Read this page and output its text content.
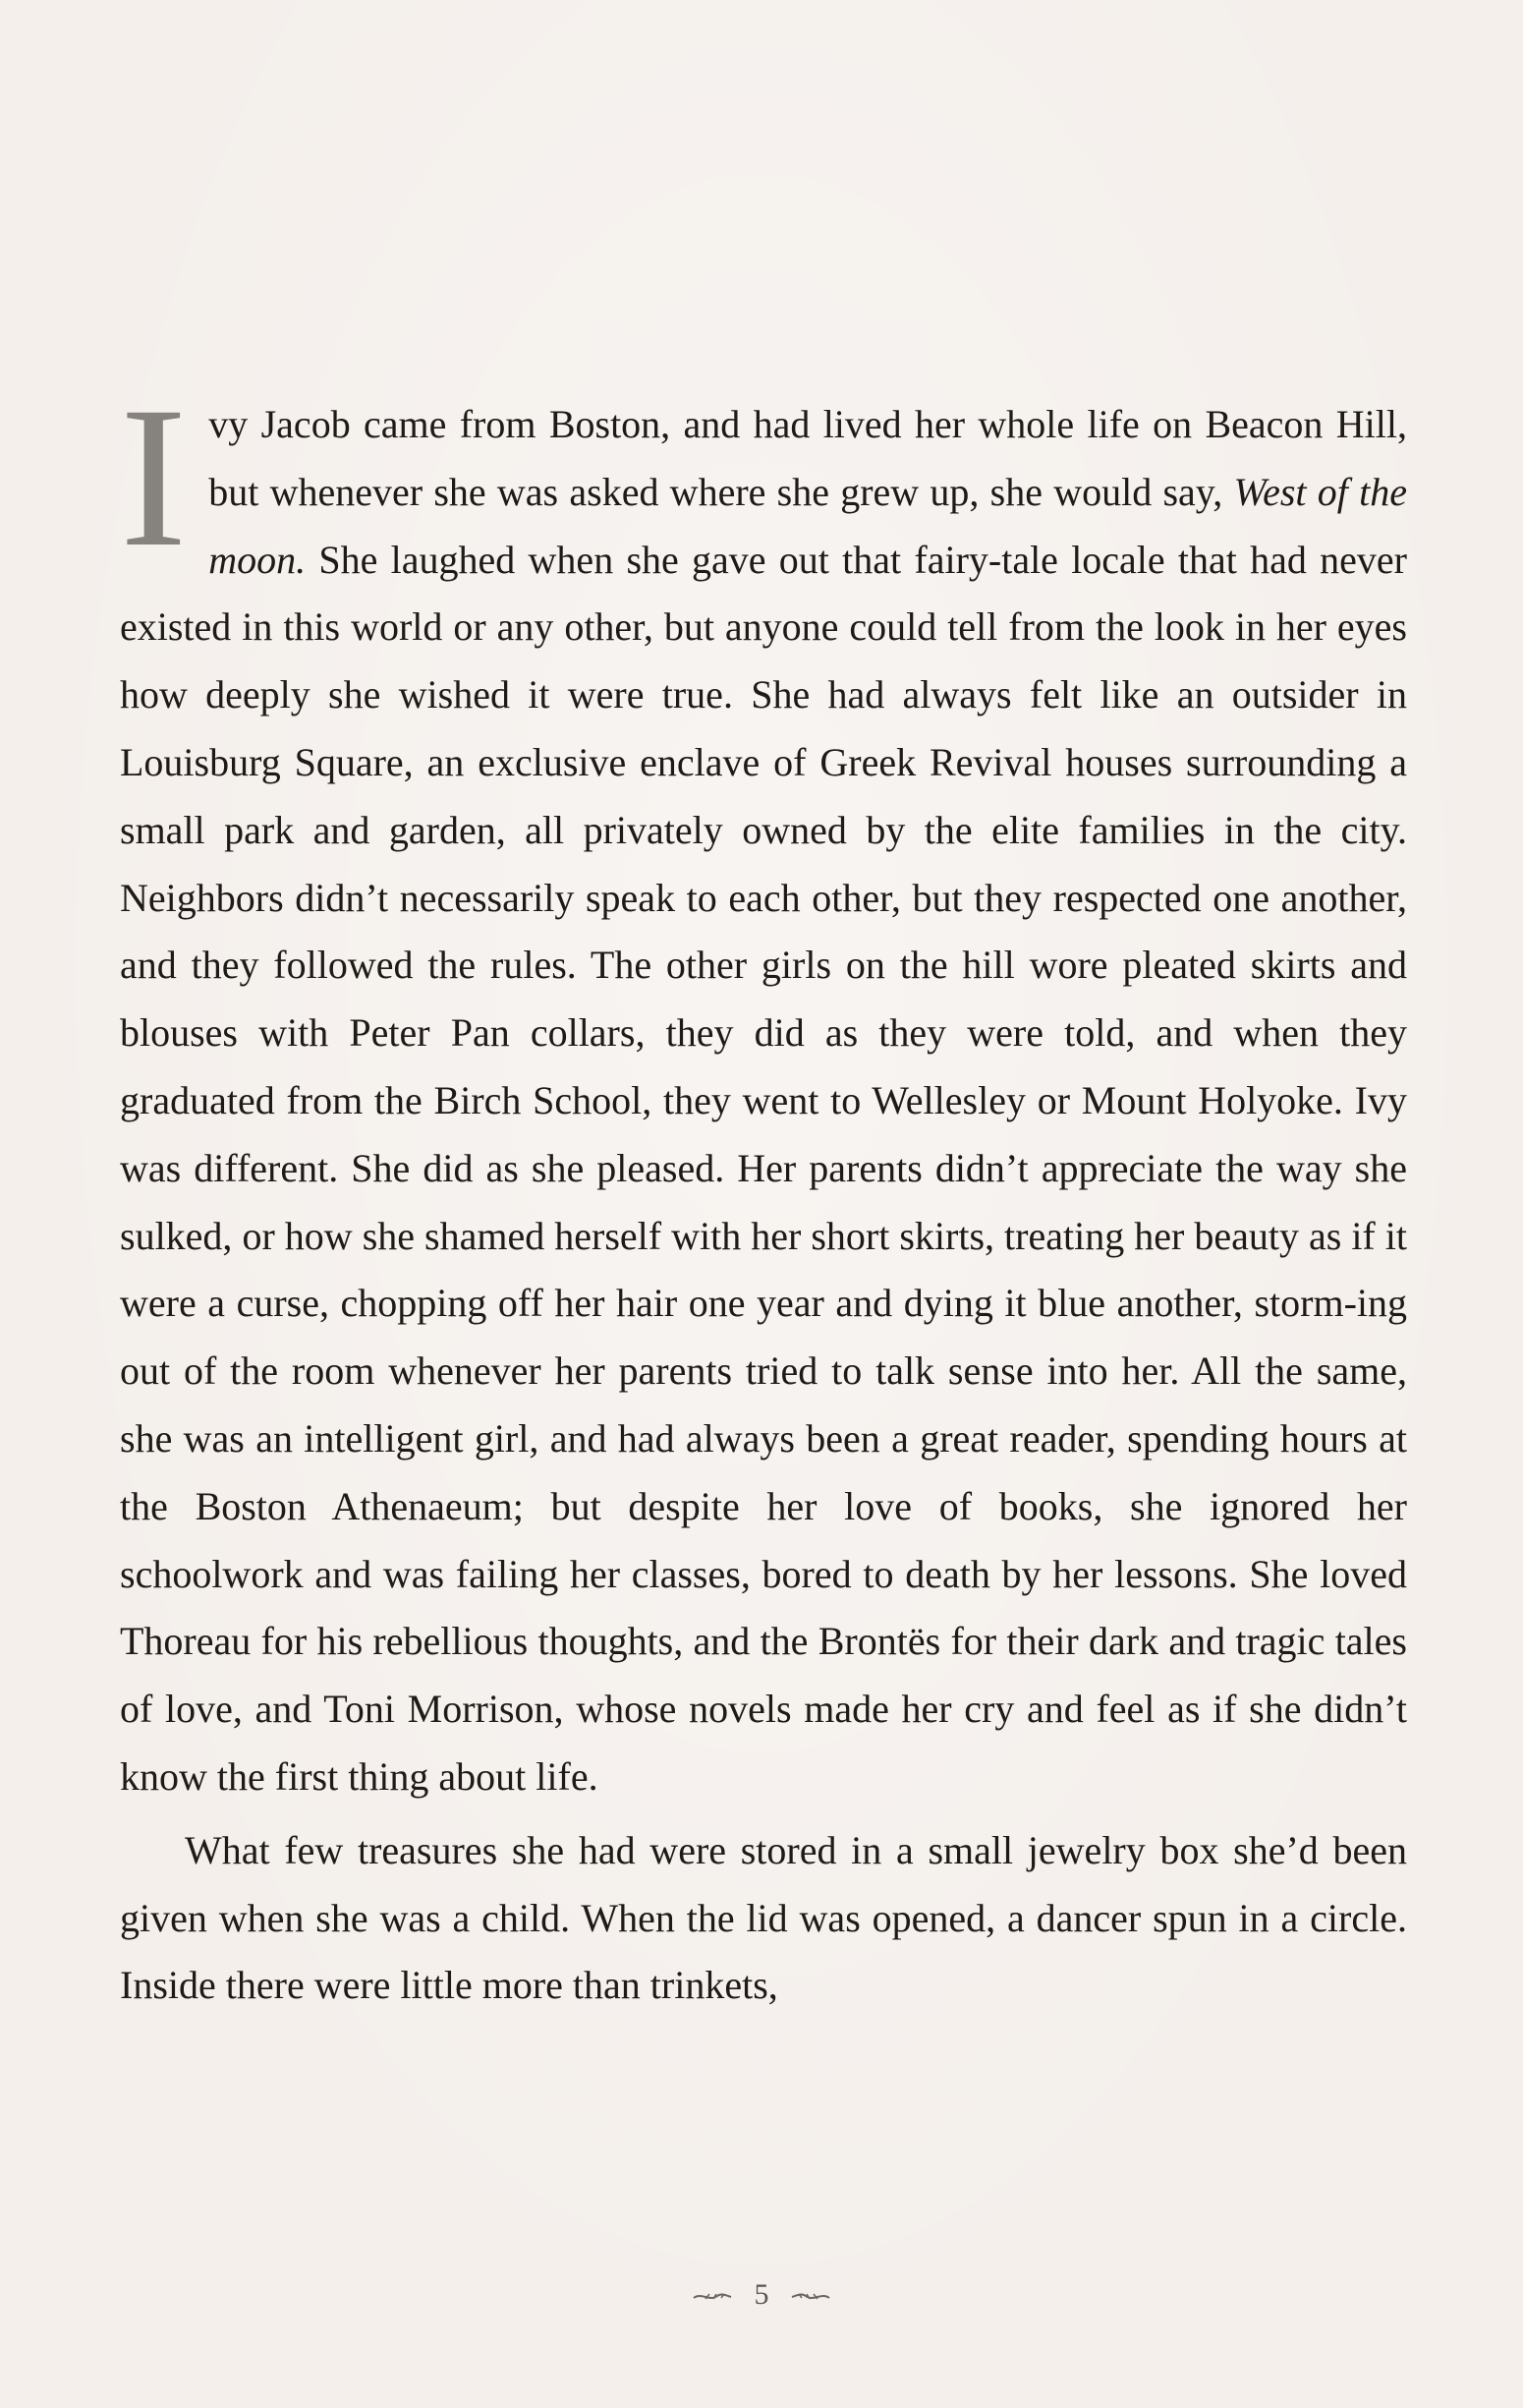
Ivy Jacob came from Boston, and had lived her whole life on Beacon Hill, but whenever she was asked where she grew up, she would say, West of the moon. She laughed when she gave out that fairy-tale locale that had never existed in this world or any other, but anyone could tell from the look in her eyes how deeply she wished it were true. She had always felt like an outsider in Louisburg Square, an exclusive enclave of Greek Revival houses surrounding a small park and garden, all privately owned by the elite families in the city. Neighbors didn’t necessarily speak to each other, but they respected one another, and they followed the rules. The other girls on the hill wore pleated skirts and blouses with Peter Pan collars, they did as they were told, and when they graduated from the Birch School, they went to Wellesley or Mount Holyoke. Ivy was different. She did as she pleased. Her parents didn’t appreciate the way she sulked, or how she shamed herself with her short skirts, treating her beauty as if it were a curse, chopping off her hair one year and dying it blue another, storm-ing out of the room whenever her parents tried to talk sense into her. All the same, she was an intelligent girl, and had always been a great reader, spending hours at the Boston Athenaeum; but despite her love of books, she ignored her schoolwork and was failing her classes, bored to death by her lessons. She loved Thoreau for his rebellious thoughts, and the Brontës for their dark and tragic tales of love, and Toni Morrison, whose novels made her cry and feel as if she didn’t know the first thing about life.

What few treasures she had were stored in a small jewelry box she’d been given when she was a child. When the lid was opened, a dancer spun in a circle. Inside there were little more than trinkets,

5
